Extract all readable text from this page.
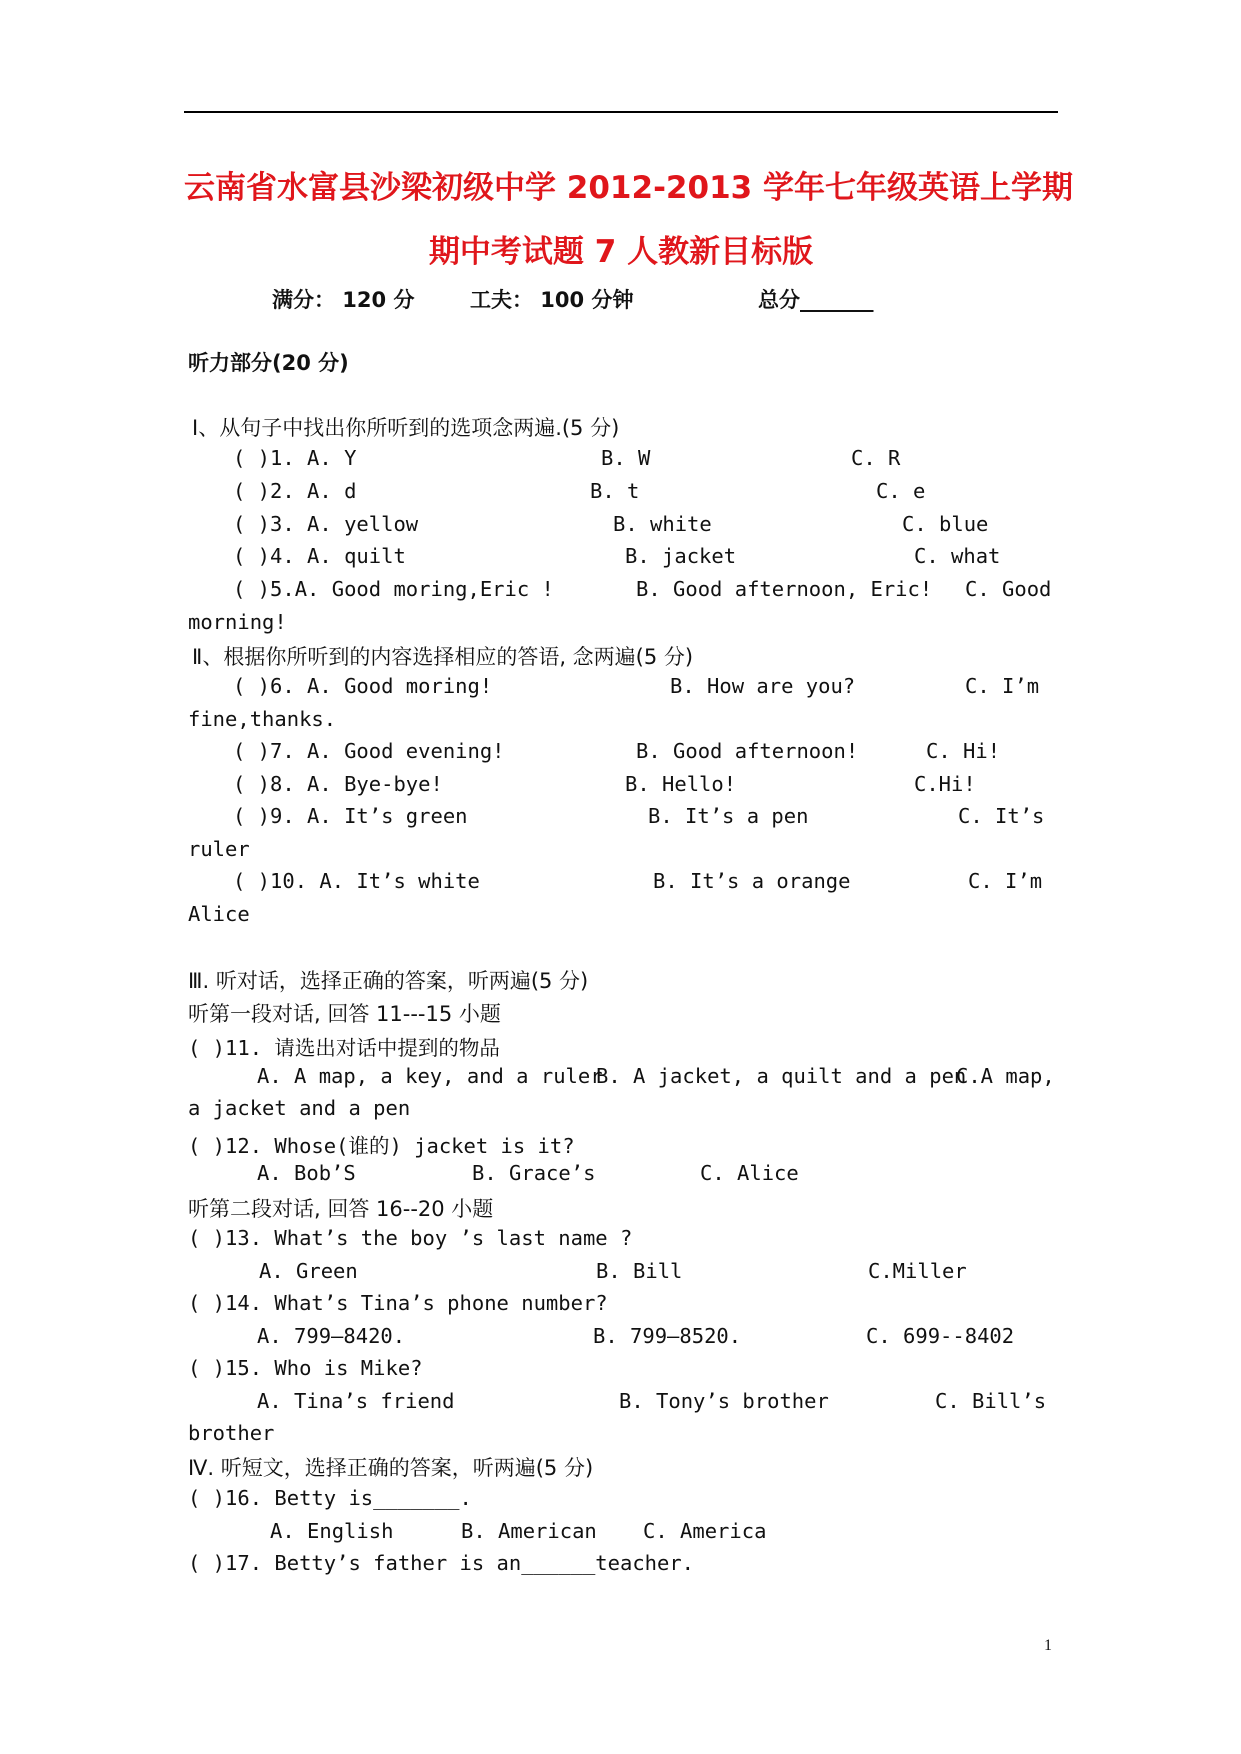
云南省水富县沙梁初级中学 2012-2013 学年七年级英语上学期
期中考试题 7 人教新目标版
满分： 120 分	工夫： 100 分钟	总分_______
听力部分(20 分)
Ⅰ、从句子中找出你所听到的选项念两遍.(5 分)
( )1. A. Y	B. W	C. R
( )2. A. d	B. t	C. e
( )3. A. yellow	B. white	C. blue
( )4. A. quilt	B. jacket	C. what
( )5.A. Good moring,Eric !	B. Good afternoon, Eric! C. Good
morning!
Ⅱ、根据你所听到的内容选择相应的答语, 念两遍(5 分)
( )6. A. Good moring!	B. How are you?	C. I’m
fine,thanks.
( )7. A. Good evening!	B. Good afternoon!	C. Hi!
( )8. A. Bye-bye!	B. Hello!	C.Hi!
( )9. A. It’s green	B. It’s a pen	C. It’s
ruler
( )10. A. It’s white	B. It’s a orange	C. I’m
Alice
Ⅲ. 听对话，选择正确的答案，听两遍(5 分)
听第一段对话, 回答 11---15 小题
( )11. 请选出对话中提到的物品
A. A map, a key, and a ruler
B. A jacket, a quilt and a pen
C.A map,
a jacket and a pen
( )12. Whose(谁的) jacket is it?
A. Bob’S	B. Grace’s	C. Alice
听第二段对话, 回答 16--20 小题
( )13. What’s the boy ’s last name ?
A. Green	B. Bill	C.Miller
( )14. What’s Tina’s phone number?
A. 799—8420.	B. 799—8520.	C. 699--8402
( )15. Who is Mike?
A. Tina’s friend	B. Tony’s brother	C. Bill’s
brother
Ⅳ. 听短文，选择正确的答案，听两遍(5 分)
( )16. Betty is_______.
A. English	B. American C. America
( )17. Betty’s father is an______teacher.
1
